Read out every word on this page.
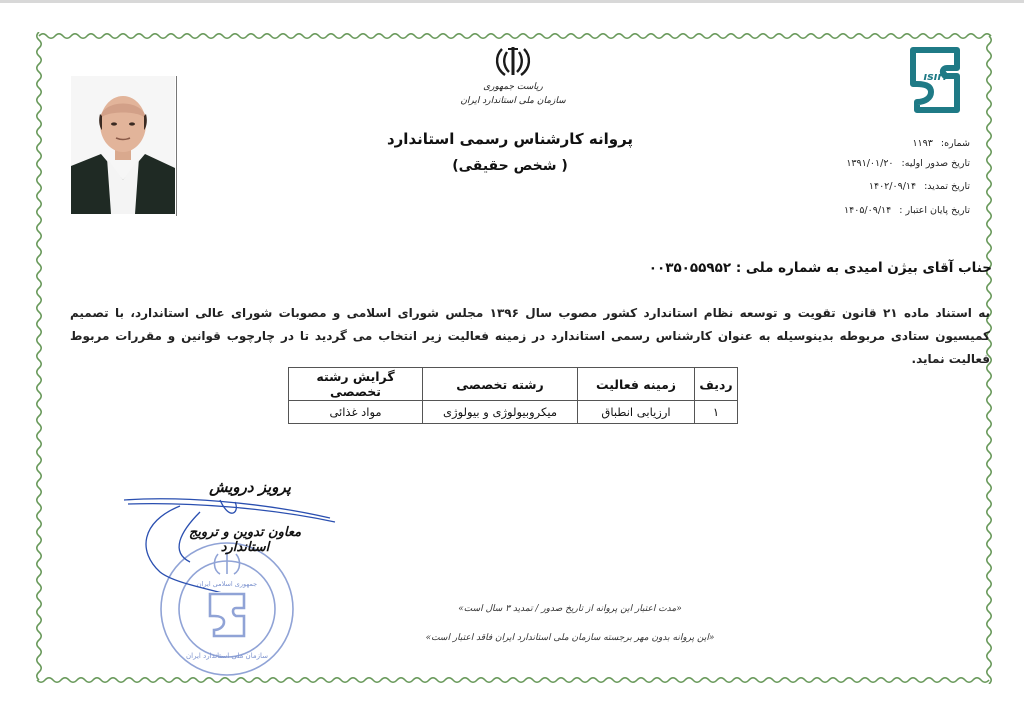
ریاست جمهوری
سازمان ملی استاندارد ایران
پروانه کارشناس رسمی استاندارد
( شخص حقیقی)
ısıri
شماره:۱۱۹۳
تاریخ صدور اولیه:۱۳۹۱/۰۱/۲۰
تاریخ تمدید:۱۴۰۲/۰۹/۱۴
تاریخ پایان اعتبار :۱۴۰۵/۰۹/۱۴
جناب آقای بیژن امیدی به شماره ملی : ۰۰۳۵۰۵۵۹۵۲
به استناد ماده ۲۱ قانون تقویت و توسعه نظام استاندارد کشور مصوب سال ۱۳۹۶ مجلس شورای اسلامی و مصوبات شورای عالی استاندارد، با تصمیم کمیسیون ستادی مربوطه بدینوسیله به عنوان کارشناس رسمی استاندارد در زمینه فعالیت زیر انتخاب می گردید تا در چارچوب قوانین و مقررات مربوط فعالیت نماید.
ردیف	زمینه فعالیت	رشته تخصصی	گرایش رشته تخصصی
۱	ارزیابی انطباق	میکروبیولوژی و بیولوژی	مواد غذائی
جمهوری اسلامی ایران
سازمان ملی استاندارد ایران
پرویز درویش
معاون تدوین و ترویج استاندارد
«مدت اعتبار این پروانه از تاریخ صدور / تمدید ۳ سال است»
«این پروانه بدون مهر برجسته سازمان ملی استاندارد ایران فاقد اعتبار است»
